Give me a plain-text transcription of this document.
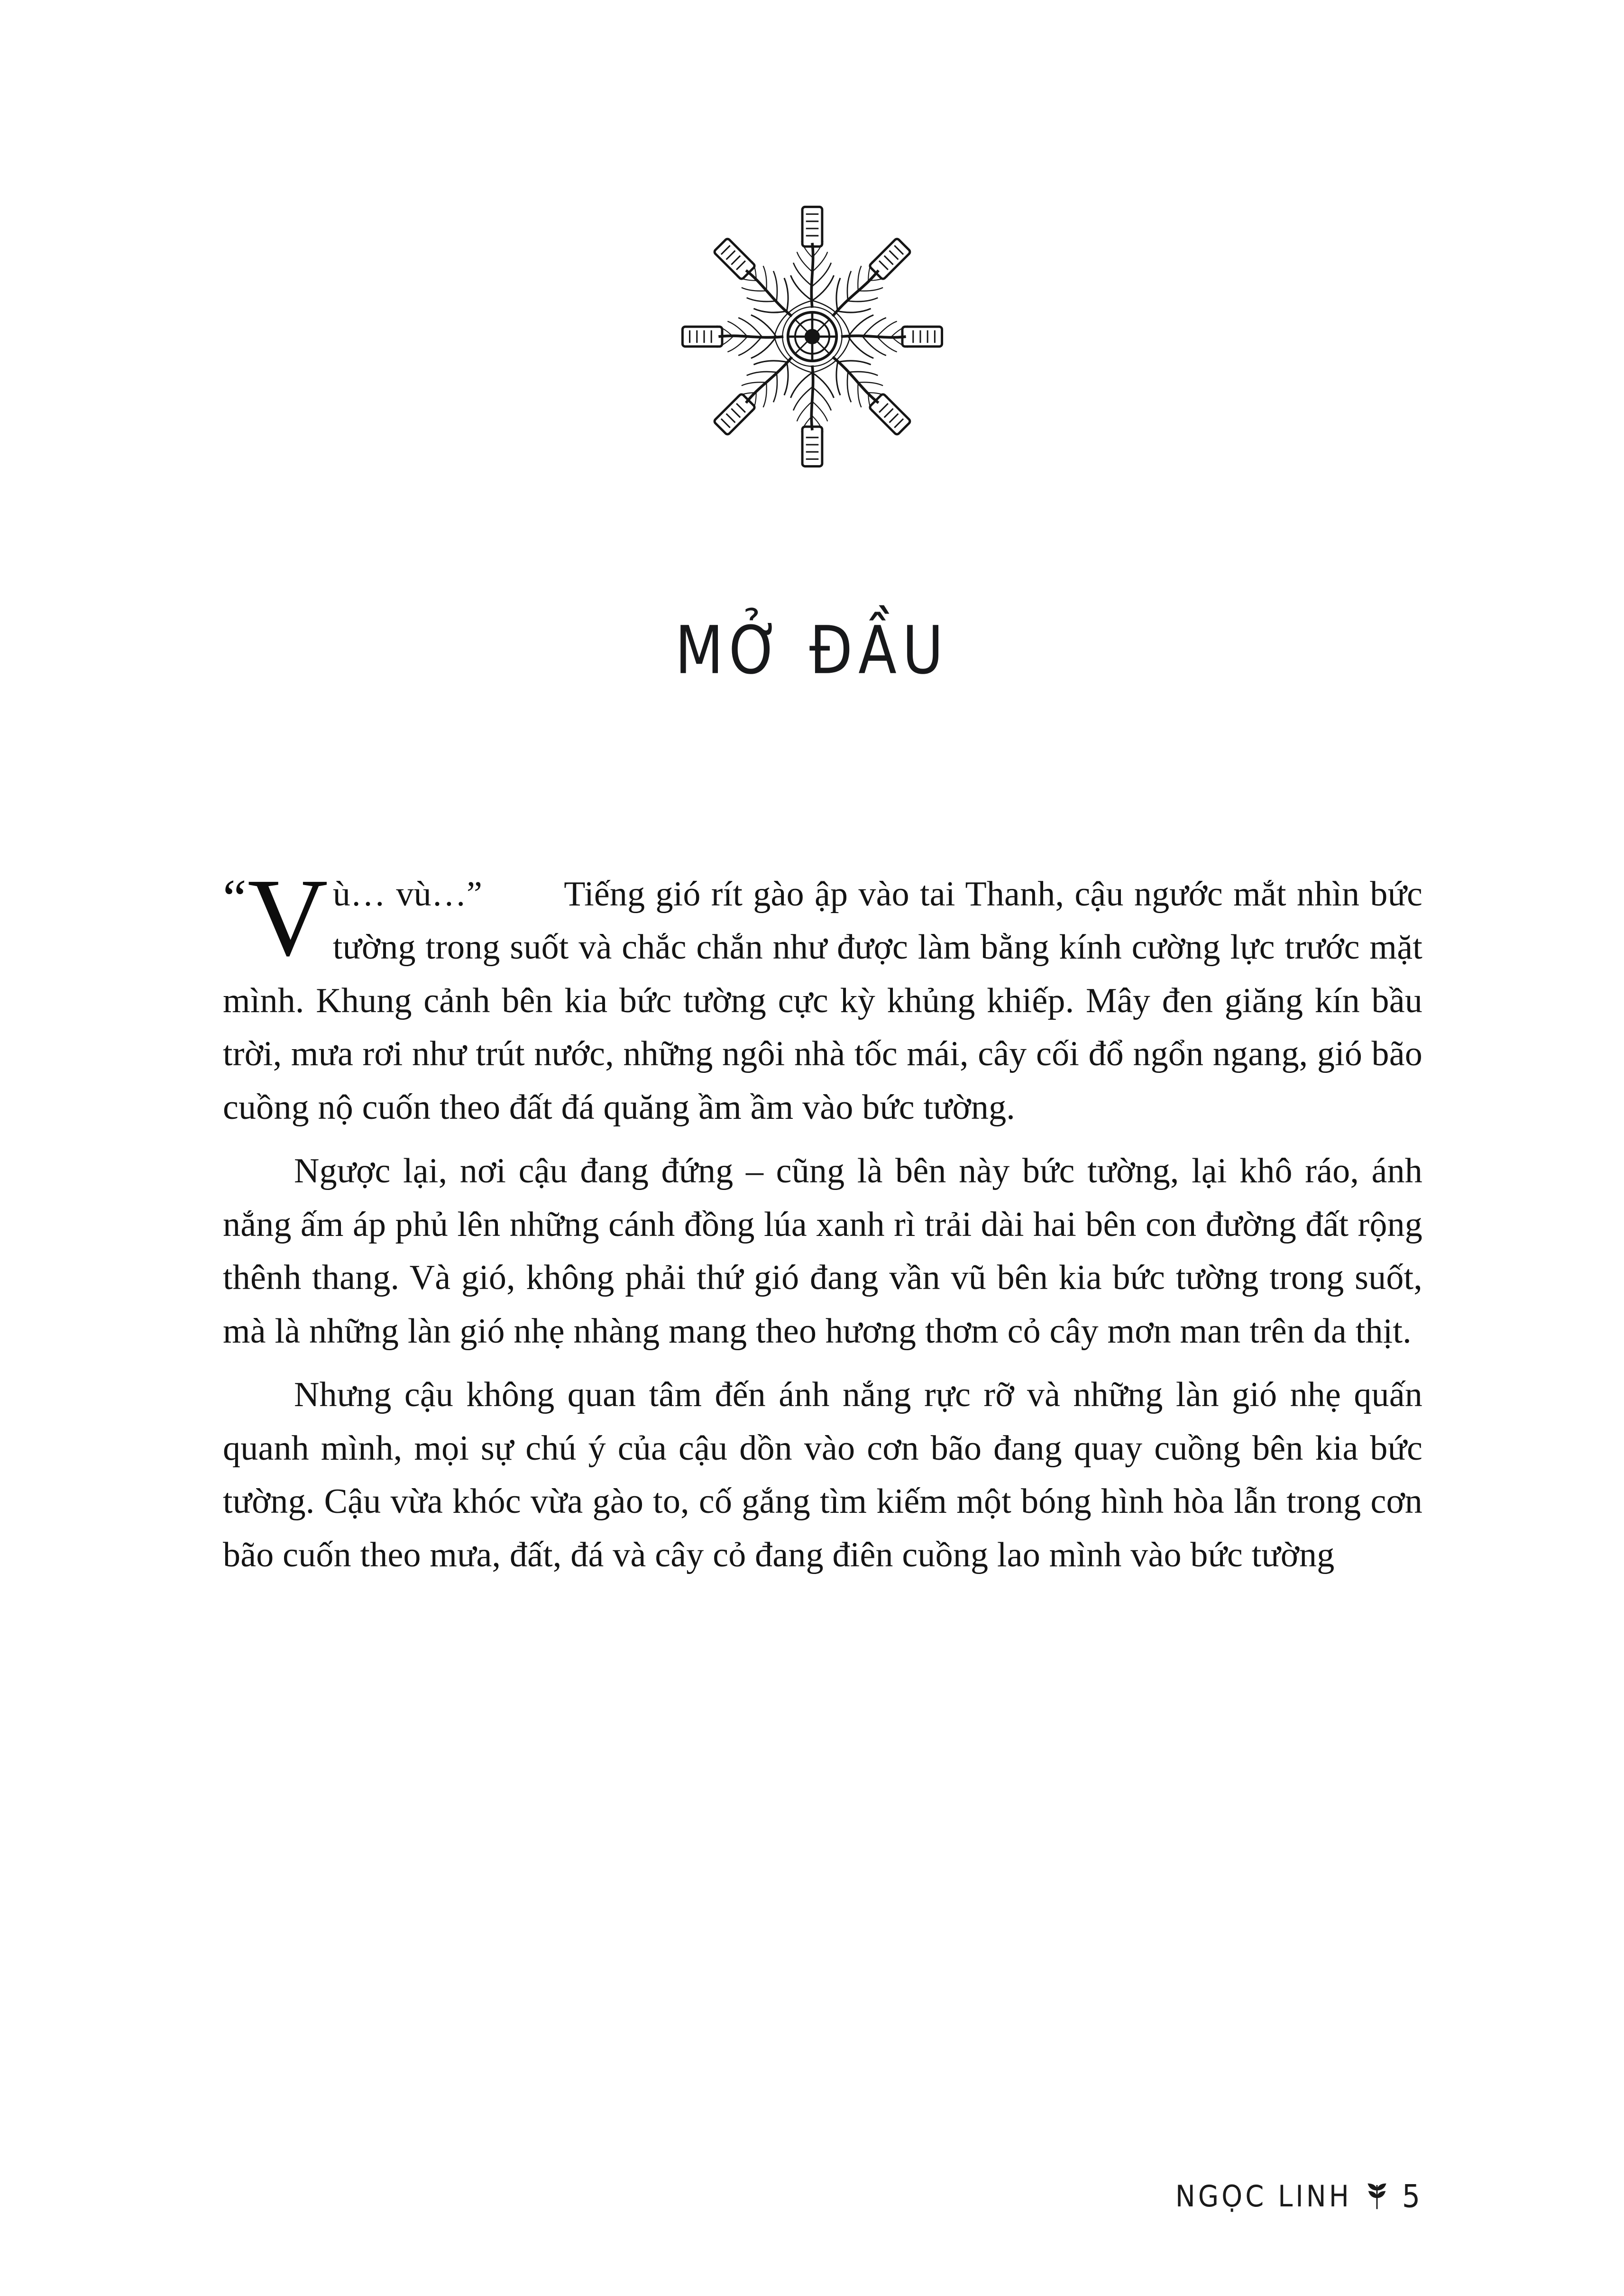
MỞ ĐẦU

“ V ù… vù…” Tiếng gió rít gào ập vào tai Thanh, cậu ngước mắt nhìn bức tường trong suốt và chắc chắn như được làm bằng kính cường lực trước mặt mình. Khung cảnh bên kia bức tường cực kỳ khủng khiếp. Mây đen giăng kín bầu trời, mưa rơi như trút nước, những ngôi nhà tốc mái, cây cối đổ ngổn ngang, gió bão cuồng nộ cuốn theo đất đá quăng ầm ầm vào bức tường.

Ngược lại, nơi cậu đang đứng – cũng là bên này bức tường, lại khô ráo, ánh nắng ấm áp phủ lên những cánh đồng lúa xanh rì trải dài hai bên con đường đất rộng thênh thang. Và gió, không phải thứ gió đang vần vũ bên kia bức tường trong suốt, mà là những làn gió nhẹ nhàng mang theo hương thơm cỏ cây mơn man trên da thịt.

Nhưng cậu không quan tâm đến ánh nắng rực rỡ và những làn gió nhẹ quấn quanh mình, mọi sự chú ý của cậu dồn vào cơn bão đang quay cuồng bên kia bức tường. Cậu vừa khóc vừa gào to, cố gắng tìm kiếm một bóng hình hòa lẫn trong cơn bão cuốn theo mưa, đất, đá và cây cỏ đang điên cuồng lao mình vào bức tường

NGỌC LINH 5
